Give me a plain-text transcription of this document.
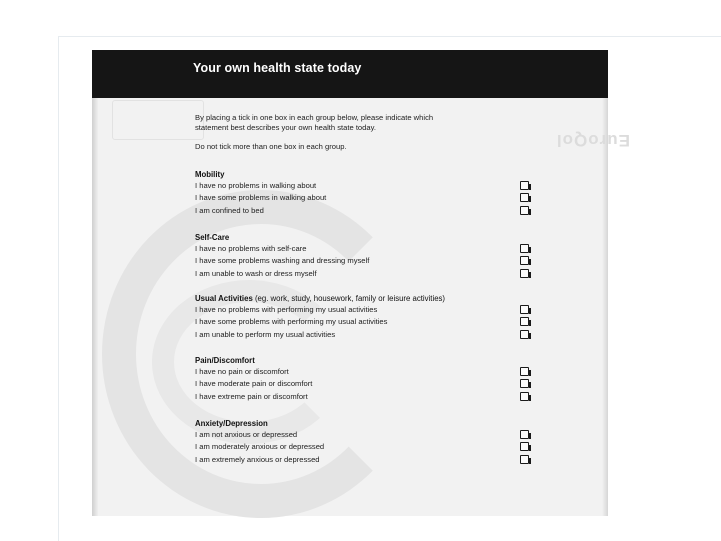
EuroQol
Your own health state today
By placing a tick in one box in each group below, please indicate which
statement best describes your own health state today.
Do not tick more than one box in each group.
Mobility
I have no problems in walking about
I have some problems in walking about
I am confined to bed
Self-Care
I have no problems with self-care
I have some problems washing and dressing myself
I am unable to wash or dress myself
Usual Activities (eg. work, study, housework, family or leisure activities)
I have no problems with performing my usual activities
I have some problems with performing my usual activities
I am unable to perform my usual activities
Pain/Discomfort
I have no pain or discomfort
I have moderate pain or discomfort
I have extreme pain or discomfort
Anxiety/Depression
I am not anxious or depressed
I am moderately anxious or depressed
I am extremely anxious or depressed
